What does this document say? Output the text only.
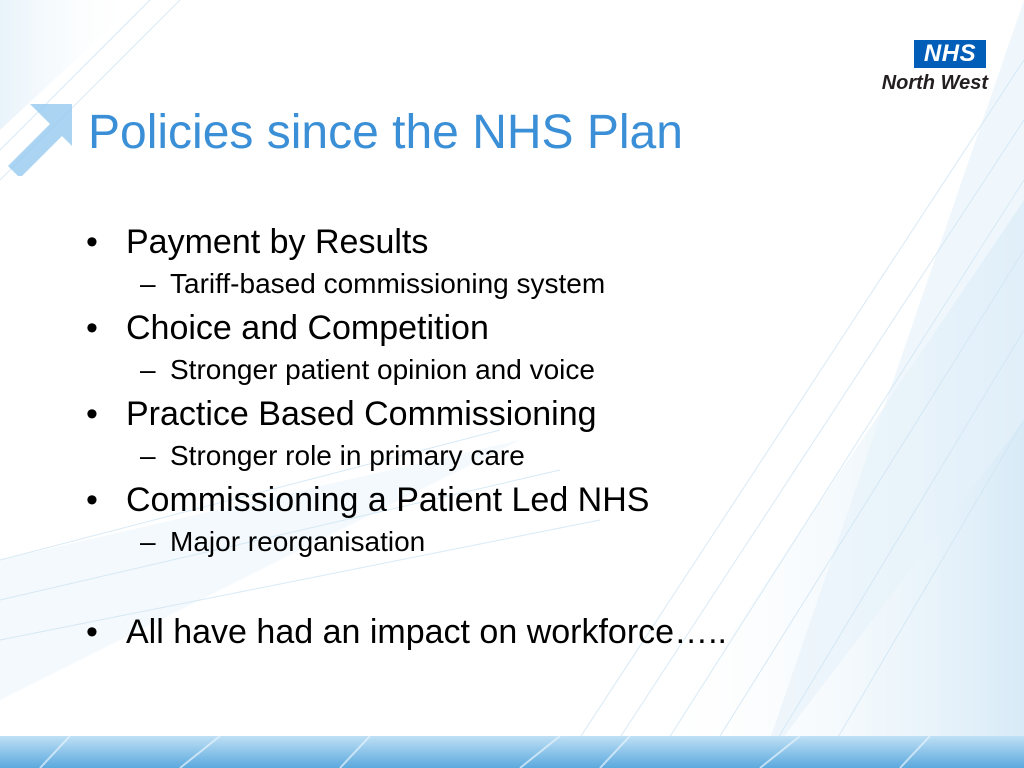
NHS
North West
Policies since the NHS Plan
• Payment by Results
– Tariff-based commissioning system
• Choice and Competition
– Stronger patient opinion and voice
• Practice Based Commissioning
– Stronger role in primary care
• Commissioning a Patient Led NHS
– Major reorganisation
• All have had an impact on workforce…..
